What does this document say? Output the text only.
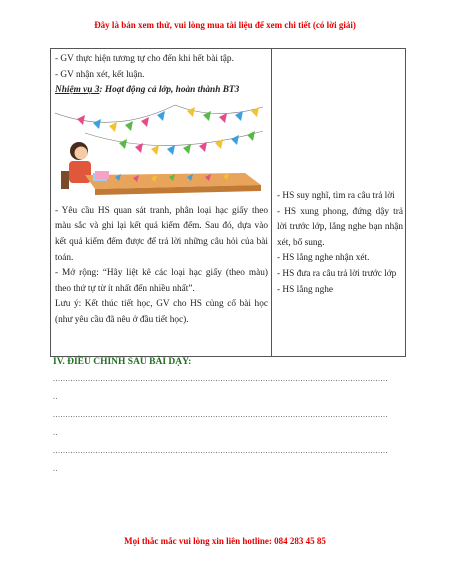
Đây là bản xem thử, vui lòng mua tài liệu để xem chi tiết (có lời giải)
- GV thực hiện tương tự cho đến khi hết bài tập.
- GV nhận xét, kết luận.
Nhiệm vụ 3: Hoạt động cả lớp, hoàn thành BT3
- Yêu cầu HS quan sát tranh, phân loại hạc giấy theo màu sắc và ghi lại kết quả kiểm đếm. Sau đó, dựa vào kết quả kiểm đếm được để trả lời những câu hỏi của bài toán.
- Mở rộng: “Hãy liệt kê các loại hạc giấy (theo màu) theo thứ tự từ ít nhất đến nhiều nhất”.
Lưu ý: Kết thúc tiết học, GV cho HS củng cố bài học (như yêu cầu đã nêu ở đầu tiết học).
- HS suy nghĩ, tìm ra câu trả lời
- HS xung phong, đứng dậy trả lời trước lớp, lắng nghe bạn nhận xét, bổ sung.
- HS lắng nghe nhận xét.
- HS đưa ra câu trả lời trước lớp
- HS lắng nghe
IV. ĐIỀU CHỈNH SAU BÀI DẠY:
......................................................................................................................................
..
......................................................................................................................................
..
......................................................................................................................................
..
Mọi thắc mắc vui lòng xin liên hotline: 084 283 45 85
